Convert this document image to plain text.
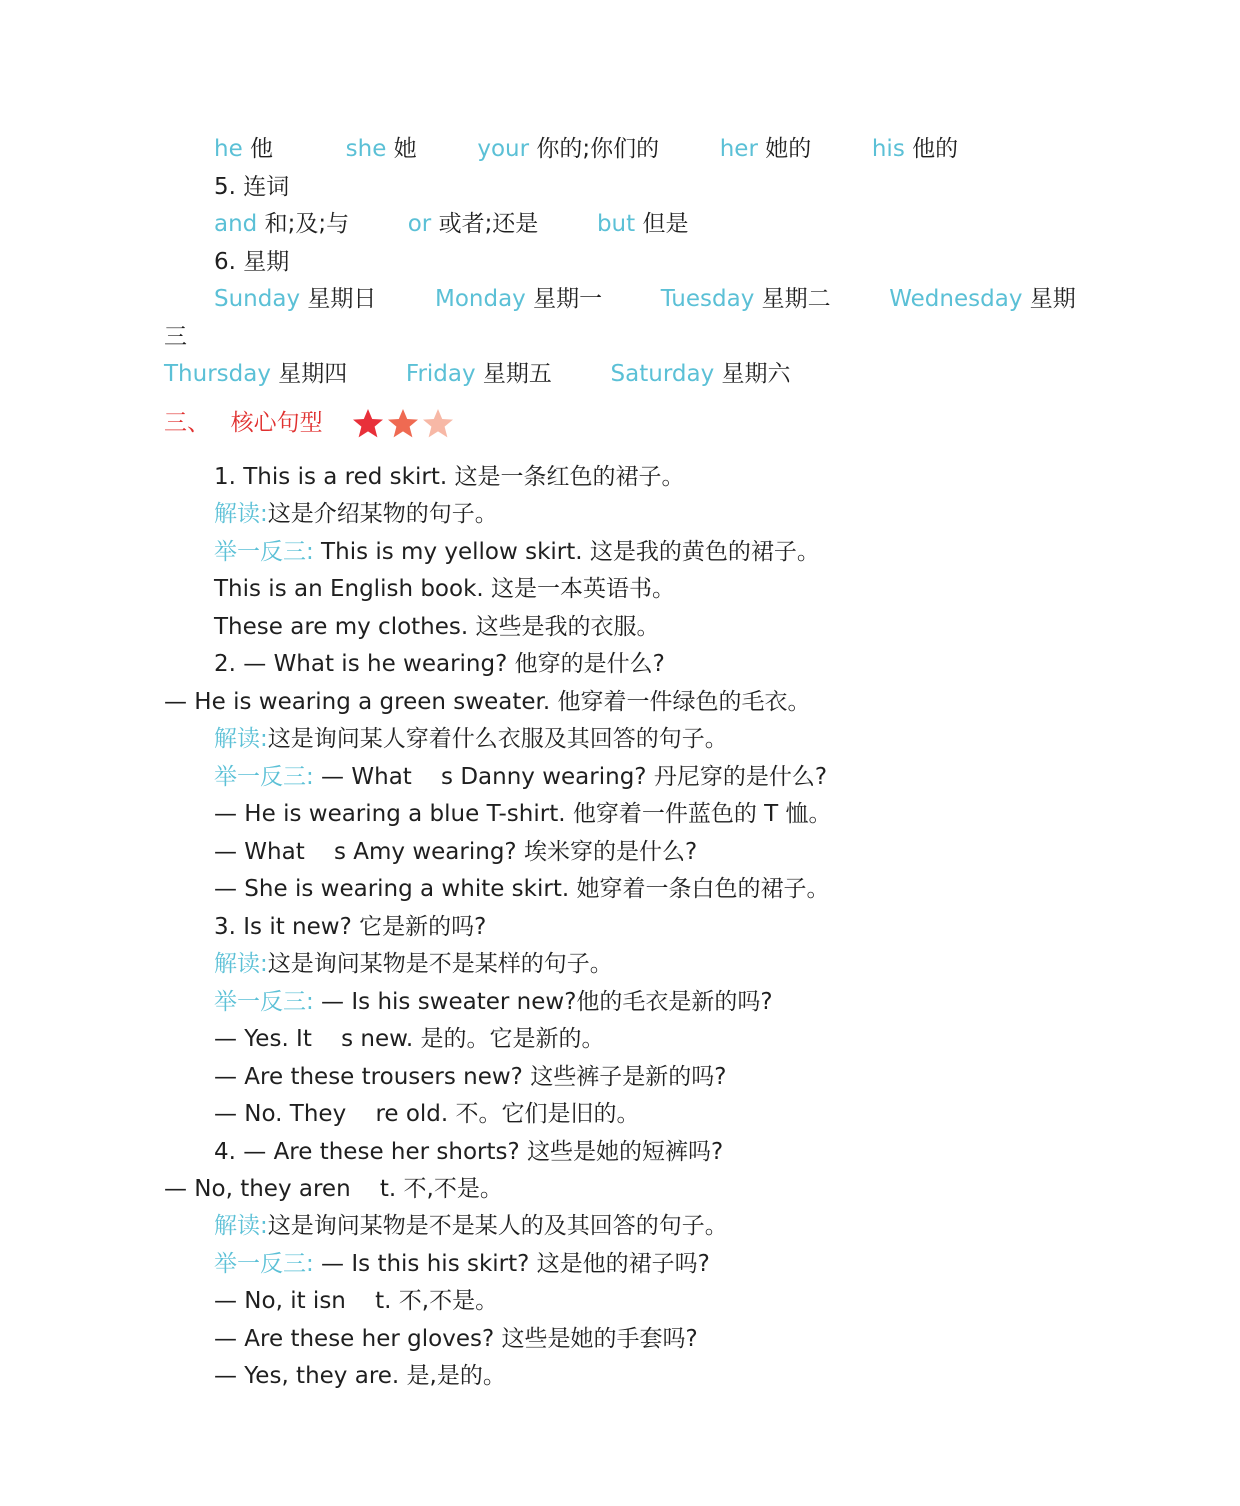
he 他	she 她	your 你的;你们的	her 她的	his 他的
5. 连词
and 和;及;与	or 或者;还是	but 但是
6. 星期
Sunday 星期日	Monday 星期一	Tuesday 星期二	Wednesday 星期
三
Thursday 星期四	Friday 星期五	Saturday 星期六
三、 核心句型
1. This is a red skirt. 这是一条红色的裙子。
解读:这是介绍某物的句子。
举一反三: This is my yellow skirt. 这是我的黄色的裙子。
This is an English book. 这是一本英语书。
These are my clothes. 这些是我的衣服。
2. — What is he wearing? 他穿的是什么?
— He is wearing a green sweater. 他穿着一件绿色的毛衣。
解读:这是询问某人穿着什么衣服及其回答的句子。
举一反三: — What    s Danny wearing? 丹尼穿的是什么?
— He is wearing a blue T-shirt. 他穿着一件蓝色的 T 恤。
— What    s Amy wearing? 埃米穿的是什么?
— She is wearing a white skirt. 她穿着一条白色的裙子。
3. Is it new? 它是新的吗?
解读:这是询问某物是不是某样的句子。
举一反三: — Is his sweater new?他的毛衣是新的吗?
— Yes. It    s new. 是的。它是新的。
— Are these trousers new? 这些裤子是新的吗?
— No. They    re old. 不。它们是旧的。
4. — Are these her shorts? 这些是她的短裤吗?
— No, they aren    t. 不,不是。
解读:这是询问某物是不是某人的及其回答的句子。
举一反三: — Is this his skirt? 这是他的裙子吗?
— No, it isn    t. 不,不是。
— Are these her gloves? 这些是她的手套吗?
— Yes, they are. 是,是的。
